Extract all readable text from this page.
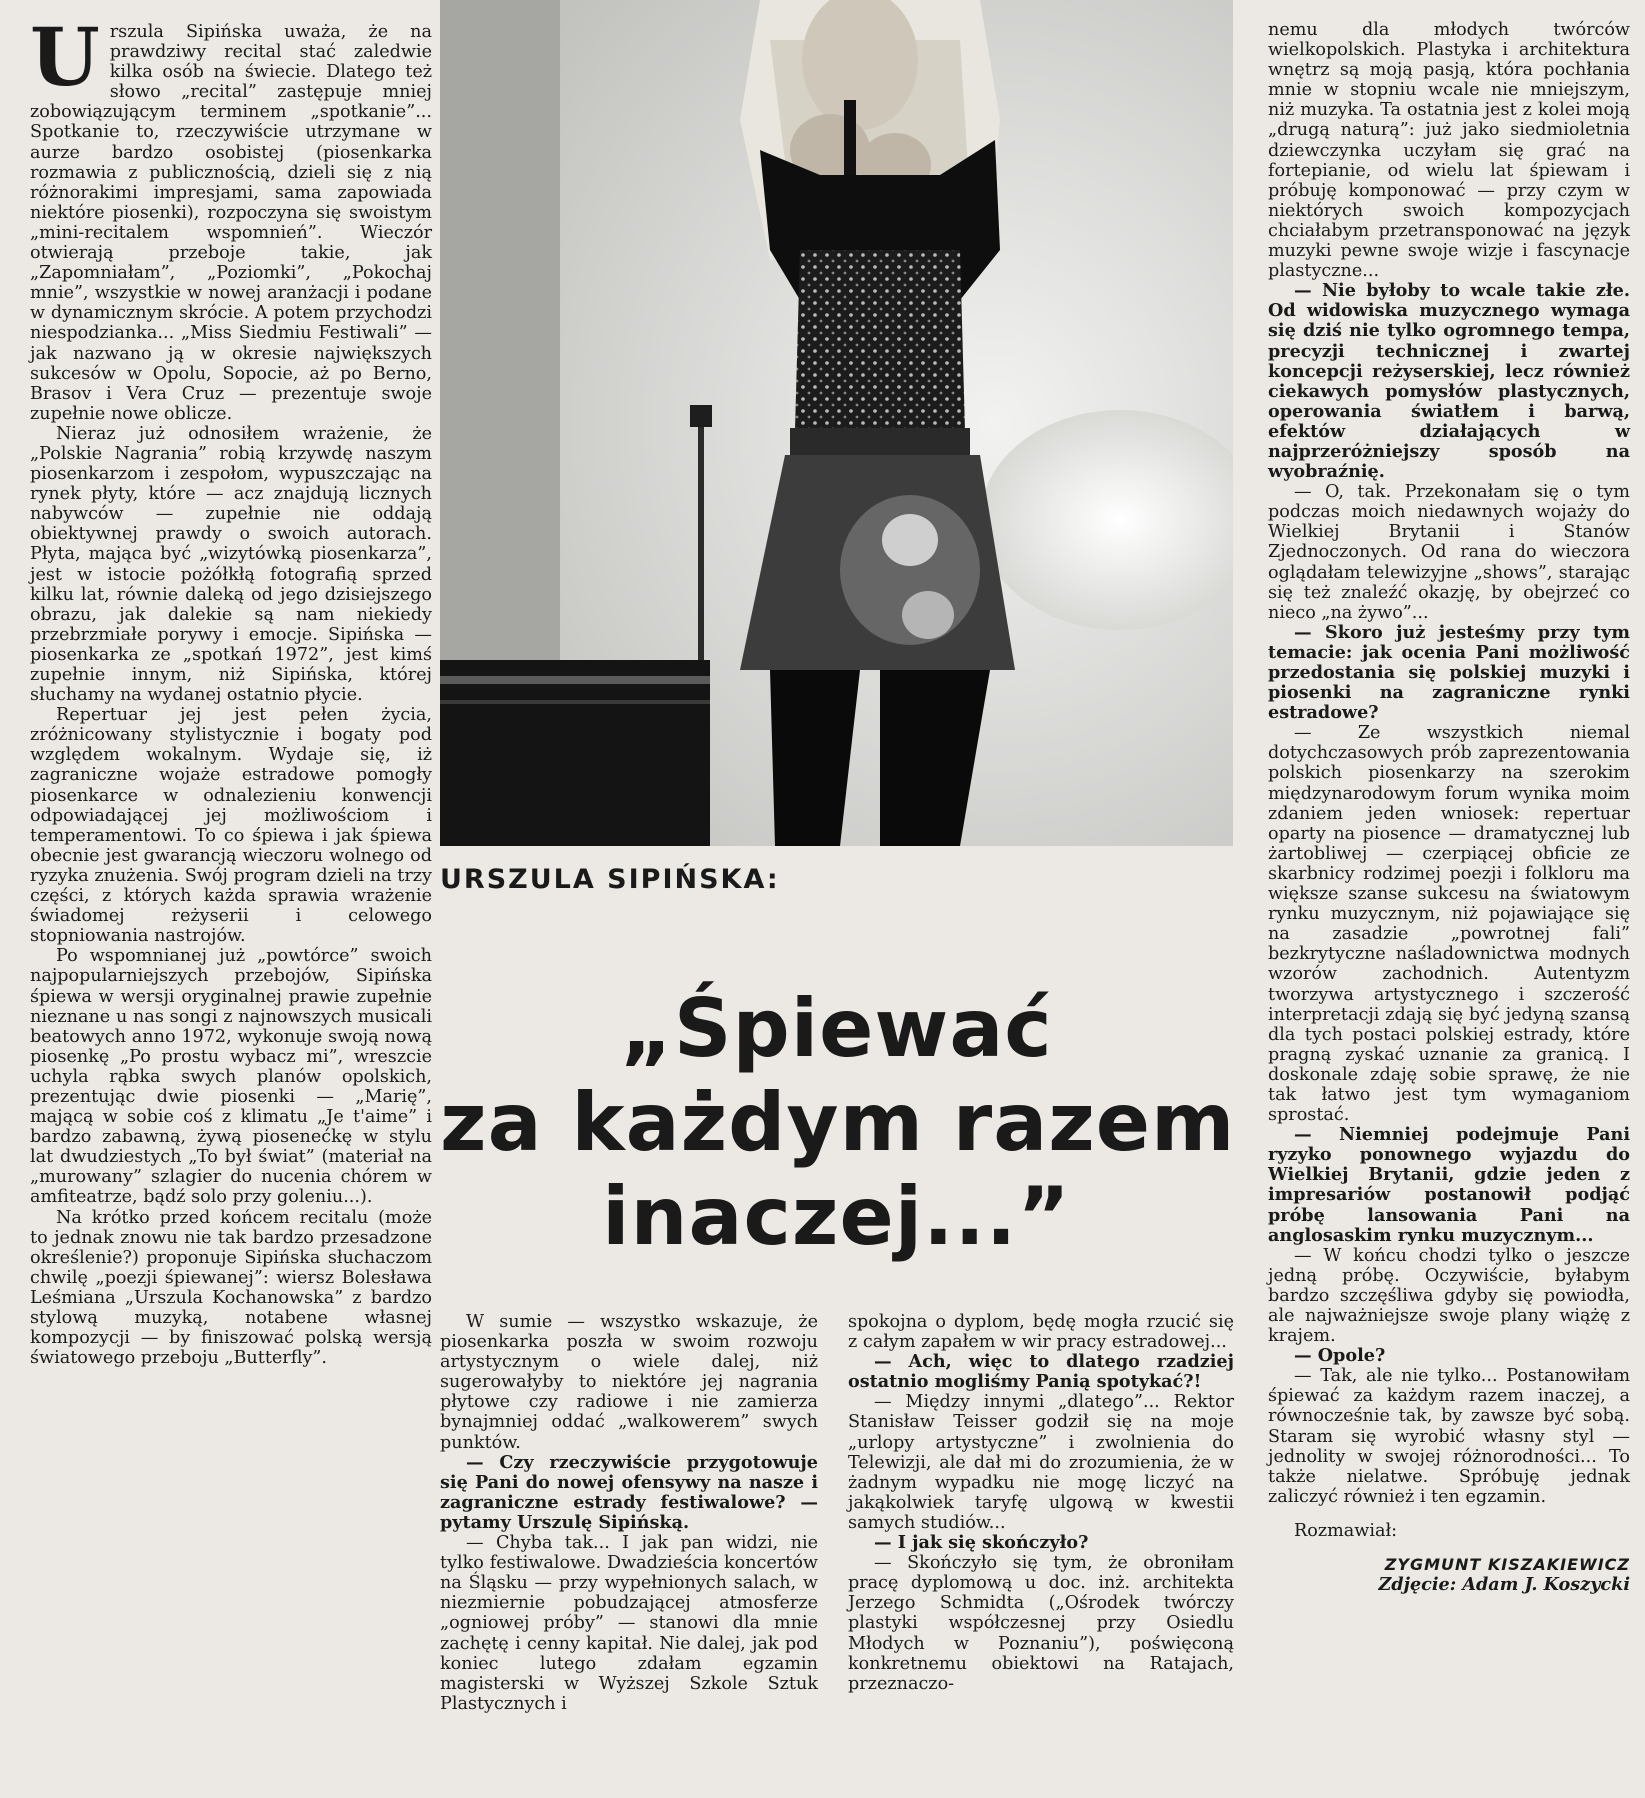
U rszula Sipińska uważa, że na prawdziwy recital stać zaledwie kilka osób na świecie. Dlatego też słowo „recital” zastępuje mniej zobowiązującym terminem „spotkanie”... Spotkanie to, rzeczywiście utrzymane w aurze bardzo osobistej (piosenkarka rozmawia z publicznością, dzieli się z nią różnorakimi impresjami, sama zapowiada niektóre piosenki), rozpoczyna się swoistym „mini-recitalem wspomnień”. Wieczór otwierają przeboje takie, jak „Zapomniałam”, „Poziomki”, „Pokochaj mnie”, wszystkie w nowej aranżacji i podane w dynamicznym skrócie. A potem przychodzi niespodzianka... „Miss Siedmiu Festiwali” — jak nazwano ją w okresie największych sukcesów w Opolu, Sopocie, aż po Berno, Brasov i Vera Cruz — prezentuje swoje zupełnie nowe oblicze.

Nieraz już odnosiłem wrażenie, że „Polskie Nagrania” robią krzywdę naszym piosenkarzom i zespołom, wypuszczając na rynek płyty, które — acz znajdują licznych nabywców — zupełnie nie oddają obiektywnej prawdy o swoich autorach. Płyta, mająca być „wizytówką piosenkarza”, jest w istocie pożółkłą fotografią sprzed kilku lat, równie daleką od jego dzisiejszego obrazu, jak dalekie są nam niekiedy przebrzmiałe porywy i emocje. Sipińska — piosenkarka ze „spotkań 1972”, jest kimś zupełnie innym, niż Sipińska, której słuchamy na wydanej ostatnio płycie.

Repertuar jej jest pełen życia, zróżnicowany stylistycznie i bogaty pod względem wokalnym. Wydaje się, iż zagraniczne wojaże estradowe pomogły piosenkarce w odnalezieniu konwencji odpowiadającej jej możliwościom i temperamentowi. To co śpiewa i jak śpiewa obecnie jest gwarancją wieczoru wolnego od ryzyka znużenia. Swój program dzieli na trzy części, z których każda sprawia wrażenie świadomej reżyserii i celowego stopniowania nastrojów.

Po wspomnianej już „powtórce” swoich najpopularniejszych przebojów, Sipińska śpiewa w wersji oryginalnej prawie zupełnie nieznane u nas songi z najnowszych musicali beatowych anno 1972, wykonuje swoją nową piosenkę „Po prostu wybacz mi”, wreszcie uchyla rąbka swych planów opolskich, prezentując dwie piosenki — „Marię”, mającą w sobie coś z klimatu „Je t'aime” i bardzo zabawną, żywą piosenećkę w stylu lat dwudziestych „To był świat” (materiał na „murowany” szlagier do nucenia chórem w amfiteatrze, bądź solo przy goleniu...).

Na krótko przed końcem recitalu (może to jednak znowu nie tak bardzo przesadzone określenie?) proponuje Sipińska słuchaczom chwilę „poezji śpiewanej”: wiersz Bolesława Leśmiana „Urszula Kochanowska” z bardzo stylową muzyką, notabene własnej kompozycji — by finiszować polską wersją światowego przeboju „Butterfly”.

URSZULA SIPIŃSKA:
„Śpiewać
za każdym razem
inaczej...”

W sumie — wszystko wskazuje, że piosenkarka poszła w swoim rozwoju artystycznym o wiele dalej, niż sugerowałyby to niektóre jej nagrania płytowe czy radiowe i nie zamierza bynajmniej oddać „walkowerem” swych punktów.

— Czy rzeczywiście przygotowuje się Pani do nowej ofensywy na nasze i zagraniczne estrady festiwalowe? — pytamy Urszulę Sipińską.

— Chyba tak... I jak pan widzi, nie tylko festiwalowe. Dwadzieścia koncertów na Śląsku — przy wypełnionych salach, w niezmiernie pobudzającej atmosferze „ogniowej próby” — stanowi dla mnie zachętę i cenny kapitał. Nie dalej, jak pod koniec lutego zdałam egzamin magisterski w Wyższej Szkole Sztuk Plastycznych i

spokojna o dyplom, będę mogła rzucić się z całym zapałem w wir pracy estradowej...

— Ach, więc to dlatego rzadziej ostatnio mogliśmy Panią spotykać?!

— Między innymi „dlatego”... Rektor Stanisław Teisser godził się na moje „urlopy artystyczne” i zwolnienia do Telewizji, ale dał mi do zrozumienia, że w żadnym wypadku nie mogę liczyć na jakąkolwiek taryfę ulgową w kwestii samych studiów...

— I jak się skończyło?

— Skończyło się tym, że obroniłam pracę dyplomową u doc. inż. architekta Jerzego Schmidta („Ośrodek twórczy plastyki współczesnej przy Osiedlu Młodych w Poznaniu”), poświęconą konkretnemu obiektowi na Ratajach, przeznaczo-

nemu dla młodych twórców wielkopolskich. Plastyka i architektura wnętrz są moją pasją, która pochłania mnie w stopniu wcale nie mniejszym, niż muzyka. Ta ostatnia jest z kolei moją „drugą naturą”: już jako siedmioletnia dziewczynka uczyłam się grać na fortepianie, od wielu lat śpiewam i próbuję komponować — przy czym w niektórych swoich kompozycjach chciałabym przetransponować na język muzyki pewne swoje wizje i fascynacje plastyczne...

— Nie byłoby to wcale takie złe. Od widowiska muzycznego wymaga się dziś nie tylko ogromnego tempa, precyzji technicznej i zwartej koncepcji reżyserskiej, lecz również ciekawych pomysłów plastycznych, operowania światłem i barwą, efektów działających w najprzeróżniejszy sposób na wyobraźnię.

— O, tak. Przekonałam się o tym podczas moich niedawnych wojaży do Wielkiej Brytanii i Stanów Zjednoczonych. Od rana do wieczora oglądałam telewizyjne „shows”, starając się też znaleźć okazję, by obejrzeć co nieco „na żywo”...

— Skoro już jesteśmy przy tym temacie: jak ocenia Pani możliwość przedostania się polskiej muzyki i piosenki na zagraniczne rynki estradowe?

— Ze wszystkich niemal dotychczasowych prób zaprezentowania polskich piosenkarzy na szerokim międzynarodowym forum wynika moim zdaniem jeden wniosek: repertuar oparty na piosence — dramatycznej lub żartobliwej — czerpiącej obficie ze skarbnicy rodzimej poezji i folkloru ma większe szanse sukcesu na światowym rynku muzycznym, niż pojawiające się na zasadzie „powrotnej fali” bezkrytyczne naśladownictwa modnych wzorów zachodnich. Autentyzm tworzywa artystycznego i szczerość interpretacji zdają się być jedyną szansą dla tych postaci polskiej estrady, które pragną zyskać uznanie za granicą. I doskonale zdaję sobie sprawę, że nie tak łatwo jest tym wymaganiom sprostać.

— Niemniej podejmuje Pani ryzyko ponownego wyjazdu do Wielkiej Brytanii, gdzie jeden z impresariów postanowił podjąć próbę lansowania Pani na anglosaskim rynku muzycznym...

— W końcu chodzi tylko o jeszcze jedną próbę. Oczywiście, byłabym bardzo szczęśliwa gdyby się powiodła, ale najważniejsze swoje plany wiążę z krajem.

— Opole?

— Tak, ale nie tylko... Postanowiłam śpiewać za każdym razem inaczej, a równocześnie tak, by zawsze być sobą. Staram się wyrobić własny styl — jednolity w swojej różnorodności... To także nielatwe. Spróbuję jednak zaliczyć również i ten egzamin.

Rozmawiał:

ZYGMUNT KISZAKIEWICZ

Zdjęcie: Adam J. Koszycki
